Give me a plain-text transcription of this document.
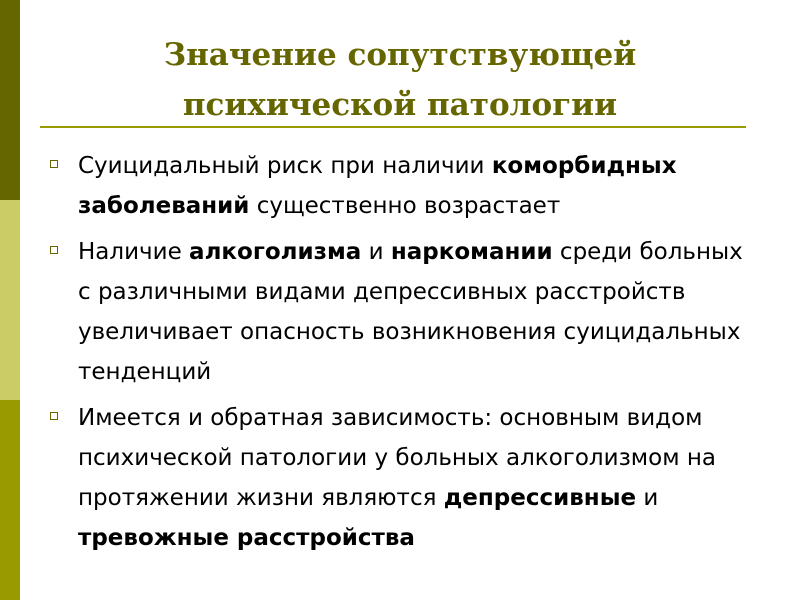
Значение сопутствующей
психической патологии
Суицидальный риск при наличии коморбидных заболеваний существенно возрастает
Наличие алкоголизма и наркомании среди больных с различными видами депрессивных расстройств увеличивает опасность возникновения суицидальных тенденций
Имеется и обратная зависимость: основным видом психической патологии у больных алкоголизмом на протяжении жизни являются депрессивные и тревожные расстройства
